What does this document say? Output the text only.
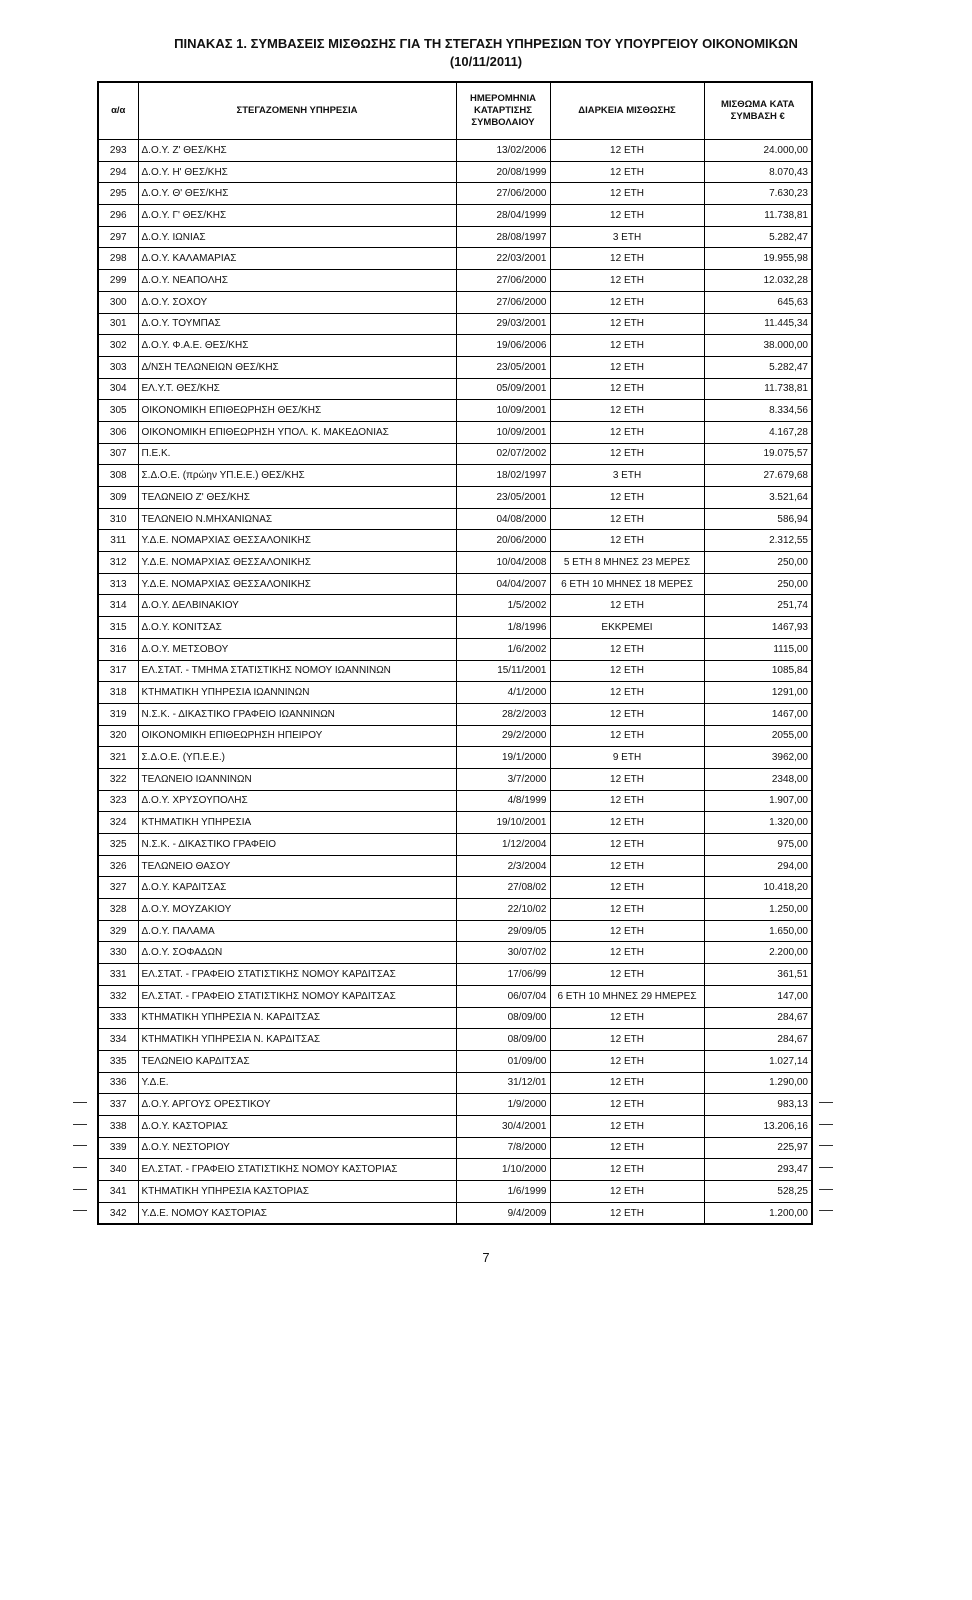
ΠΙΝΑΚΑΣ 1. ΣΥΜΒΑΣΕΙΣ ΜΙΣΘΩΣΗΣ ΓΙΑ ΤΗ ΣΤΕΓΑΣΗ ΥΠΗΡΕΣΙΩΝ ΤΟΥ ΥΠΟΥΡΓΕΙΟΥ ΟΙΚΟΝΟΜΙΚΩΝ
(10/11/2011)
α/α	ΣΤΕΓΑΖΟΜΕΝΗ ΥΠΗΡΕΣΙΑ	ΗΜΕΡΟΜΗΝΙΑ ΚΑΤΑΡΤΙΣΗΣ ΣΥΜΒΟΛΑΙΟΥ	ΔΙΑΡΚΕΙΑ ΜΙΣΘΩΣΗΣ	ΜΙΣΘΩΜΑ ΚΑΤΑ ΣΥΜΒΑΣΗ €
293	Δ.Ο.Υ. Ζ' ΘΕΣ/ΚΗΣ	13/02/2006	12 ΕΤΗ	24.000,00
294	Δ.Ο.Υ. Η' ΘΕΣ/ΚΗΣ	20/08/1999	12 ΕΤΗ	8.070,43
295	Δ.Ο.Υ. Θ' ΘΕΣ/ΚΗΣ	27/06/2000	12 ΕΤΗ	7.630,23
296	Δ.Ο.Υ. Γ' ΘΕΣ/ΚΗΣ	28/04/1999	12 ΕΤΗ	11.738,81
297	Δ.Ο.Υ. ΙΩΝΙΑΣ	28/08/1997	3 ΕΤΗ	5.282,47
298	Δ.Ο.Υ. ΚΑΛΑΜΑΡΙΑΣ	22/03/2001	12 ΕΤΗ	19.955,98
299	Δ.Ο.Υ. ΝΕΑΠΟΛΗΣ	27/06/2000	12 ΕΤΗ	12.032,28
300	Δ.Ο.Υ. ΣΟΧΟΥ	27/06/2000	12 ΕΤΗ	645,63
301	Δ.Ο.Υ. ΤΟΥΜΠΑΣ	29/03/2001	12 ΕΤΗ	11.445,34
302	Δ.Ο.Υ. Φ.Α.Ε. ΘΕΣ/ΚΗΣ	19/06/2006	12 ΕΤΗ	38.000,00
303	Δ/ΝΣΗ ΤΕΛΩΝΕΙΩΝ ΘΕΣ/ΚΗΣ	23/05/2001	12 ΕΤΗ	5.282,47
304	ΕΛ.Υ.Τ. ΘΕΣ/ΚΗΣ	05/09/2001	12 ΕΤΗ	11.738,81
305	ΟΙΚΟΝΟΜΙΚΗ ΕΠΙΘΕΩΡΗΣΗ ΘΕΣ/ΚΗΣ	10/09/2001	12 ΕΤΗ	8.334,56
306	ΟΙΚΟΝΟΜΙΚΗ ΕΠΙΘΕΩΡΗΣΗ ΥΠΟΛ. Κ. ΜΑΚΕΔΟΝΙΑΣ	10/09/2001	12 ΕΤΗ	4.167,28
307	Π.Ε.Κ.	02/07/2002	12 ΕΤΗ	19.075,57
308	Σ.Δ.Ο.Ε. (πρώην ΥΠ.Ε.Ε.) ΘΕΣ/ΚΗΣ	18/02/1997	3 ΕΤΗ	27.679,68
309	ΤΕΛΩΝΕΙΟ Ζ' ΘΕΣ/ΚΗΣ	23/05/2001	12 ΕΤΗ	3.521,64
310	ΤΕΛΩΝΕΙΟ Ν.ΜΗΧΑΝΙΩΝΑΣ	04/08/2000	12 ΕΤΗ	586,94
311	Υ.Δ.Ε. ΝΟΜΑΡΧΙΑΣ ΘΕΣΣΑΛΟΝΙΚΗΣ	20/06/2000	12 ΕΤΗ	2.312,55
312	Υ.Δ.Ε. ΝΟΜΑΡΧΙΑΣ ΘΕΣΣΑΛΟΝΙΚΗΣ	10/04/2008	5 ΕΤΗ 8 ΜΗΝΕΣ 23 ΜΕΡΕΣ	250,00
313	Υ.Δ.Ε. ΝΟΜΑΡΧΙΑΣ ΘΕΣΣΑΛΟΝΙΚΗΣ	04/04/2007	6 ΕΤΗ 10 ΜΗΝΕΣ 18 ΜΕΡΕΣ	250,00
314	Δ.Ο.Υ. ΔΕΛΒΙΝΑΚΙΟΥ	1/5/2002	12 ΕΤΗ	251,74
315	Δ.Ο.Υ. ΚΟΝΙΤΣΑΣ	1/8/1996	ΕΚΚΡΕΜΕΙ	1467,93
316	Δ.Ο.Υ. ΜΕΤΣΟΒΟΥ	1/6/2002	12 ΕΤΗ	1115,00
317	ΕΛ.ΣΤΑΤ. - ΤΜΗΜΑ ΣΤΑΤΙΣΤΙΚΗΣ ΝΟΜΟΥ ΙΩΑΝΝΙΝΩΝ	15/11/2001	12 ΕΤΗ	1085,84
318	ΚΤΗΜΑΤΙΚΗ ΥΠΗΡΕΣΙΑ ΙΩΑΝΝΙΝΩΝ	4/1/2000	12 ΕΤΗ	1291,00
319	Ν.Σ.Κ. - ΔΙΚΑΣΤΙΚΟ ΓΡΑΦΕΙΟ ΙΩΑΝΝΙΝΩΝ	28/2/2003	12 ΕΤΗ	1467,00
320	ΟΙΚΟΝΟΜΙΚΗ ΕΠΙΘΕΩΡΗΣΗ ΗΠΕΙΡΟΥ	29/2/2000	12 ΕΤΗ	2055,00
321	Σ.Δ.Ο.Ε. (ΥΠ.Ε.Ε.)	19/1/2000	9 ΕΤΗ	3962,00
322	ΤΕΛΩΝΕΙΟ ΙΩΑΝΝΙΝΩΝ	3/7/2000	12 ΕΤΗ	2348,00
323	Δ.Ο.Υ. ΧΡΥΣΟΥΠΟΛΗΣ	4/8/1999	12 ΕΤΗ	1.907,00
324	ΚΤΗΜΑΤΙΚΗ ΥΠΗΡΕΣΙΑ	19/10/2001	12 ΕΤΗ	1.320,00
325	Ν.Σ.Κ. - ΔΙΚΑΣΤΙΚΟ ΓΡΑΦΕΙΟ	1/12/2004	12 ΕΤΗ	975,00
326	ΤΕΛΩΝΕΙΟ ΘΑΣΟΥ	2/3/2004	12 ΕΤΗ	294,00
327	Δ.Ο.Υ. ΚΑΡΔΙΤΣΑΣ	27/08/02	12 ΕΤΗ	10.418,20
328	Δ.Ο.Υ. ΜΟΥΖΑΚΙΟΥ	22/10/02	12 ΕΤΗ	1.250,00
329	Δ.Ο.Υ. ΠΑΛΑΜΑ	29/09/05	12 ΕΤΗ	1.650,00
330	Δ.Ο.Υ. ΣΟΦΑΔΩΝ	30/07/02	12 ΕΤΗ	2.200,00
331	ΕΛ.ΣΤΑΤ. - ΓΡΑΦΕΙΟ ΣΤΑΤΙΣΤΙΚΗΣ ΝΟΜΟΥ ΚΑΡΔΙΤΣΑΣ	17/06/99	12 ΕΤΗ	361,51
332	ΕΛ.ΣΤΑΤ. - ΓΡΑΦΕΙΟ ΣΤΑΤΙΣΤΙΚΗΣ ΝΟΜΟΥ ΚΑΡΔΙΤΣΑΣ	06/07/04	6 ΕΤΗ 10 ΜΗΝΕΣ 29 ΗΜΕΡΕΣ	147,00
333	ΚΤΗΜΑΤΙΚΗ ΥΠΗΡΕΣΙΑ Ν. ΚΑΡΔΙΤΣΑΣ	08/09/00	12 ΕΤΗ	284,67
334	ΚΤΗΜΑΤΙΚΗ ΥΠΗΡΕΣΙΑ Ν. ΚΑΡΔΙΤΣΑΣ	08/09/00	12 ΕΤΗ	284,67
335	ΤΕΛΩΝΕΙΟ ΚΑΡΔΙΤΣΑΣ	01/09/00	12 ΕΤΗ	1.027,14
336	Υ.Δ.Ε.	31/12/01	12 ΕΤΗ	1.290,00
337	Δ.Ο.Υ. ΑΡΓΟΥΣ ΟΡΕΣΤΙΚΟΥ	1/9/2000	12 ΕΤΗ	983,13
338	Δ.Ο.Υ. ΚΑΣΤΟΡΙΑΣ	30/4/2001	12 ΕΤΗ	13.206,16
339	Δ.Ο.Υ. ΝΕΣΤΟΡΙΟΥ	7/8/2000	12 ΕΤΗ	225,97
340	ΕΛ.ΣΤΑΤ. - ΓΡΑΦΕΙΟ ΣΤΑΤΙΣΤΙΚΗΣ ΝΟΜΟΥ ΚΑΣΤΟΡΙΑΣ	1/10/2000	12 ΕΤΗ	293,47
341	ΚΤΗΜΑΤΙΚΗ ΥΠΗΡΕΣΙΑ ΚΑΣΤΟΡΙΑΣ	1/6/1999	12 ΕΤΗ	528,25
342	Υ.Δ.Ε. ΝΟΜΟΥ ΚΑΣΤΟΡΙΑΣ	9/4/2009	12 ΕΤΗ	1.200,00
—
—
—
—
—
—
—
—
—
—
—
—
7
